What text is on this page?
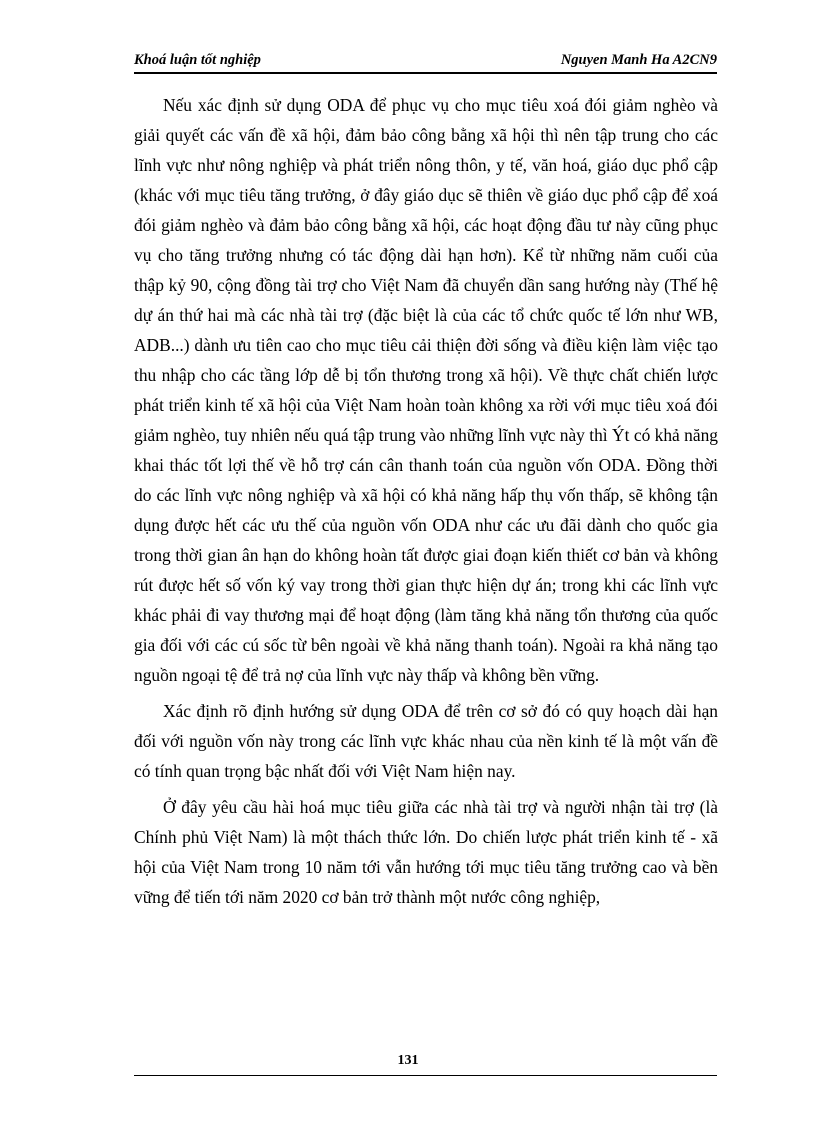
Khoá luận tốt nghiệp	Nguyen Manh Ha A2CN9

Nếu xác định sử dụng ODA để phục vụ cho mục tiêu xoá đói giảm nghèo và giải quyết các vấn đề xã hội, đảm bảo công bằng xã hội thì nên tập trung cho các lĩnh vực như nông nghiệp và phát triển nông thôn, y tế, văn hoá, giáo dục phổ cập (khác với mục tiêu tăng trưởng, ở đây giáo dục sẽ thiên về giáo dục phổ cập để xoá đói giảm nghèo và đảm bảo công bằng xã hội, các hoạt động đầu tư này cũng phục vụ cho tăng trưởng nhưng có tác động dài hạn hơn). Kể từ những năm cuối của thập kỷ 90, cộng đồng tài trợ cho Việt Nam đã chuyển dần sang hướng này (Thế hệ dự án thứ hai mà các nhà tài trợ (đặc biệt là của các tổ chức quốc tế lớn như WB, ADB...) dành ưu tiên cao cho mục tiêu cải thiện đời sống và điều kiện làm việc tạo thu nhập cho các tầng lớp dễ bị tổn thương trong xã hội). Về thực chất chiến lược phát triển kinh tế xã hội của Việt Nam hoàn toàn không xa rời với mục tiêu xoá đói giảm nghèo, tuy nhiên nếu quá tập trung vào những lĩnh vực này thì Ýt có khả năng khai thác tốt lợi thế về hỗ trợ cán cân thanh toán của nguồn vốn ODA. Đồng thời do các lĩnh vực nông nghiệp và xã hội có khả năng hấp thụ vốn thấp, sẽ không tận dụng được hết các ưu thế của nguồn vốn ODA như các ưu đãi dành cho quốc gia trong thời gian ân hạn do không hoàn tất được giai đoạn kiến thiết cơ bản và không rút được hết số vốn ký vay trong thời gian thực hiện dự án; trong khi các lĩnh vực khác phải đi vay thương mại để hoạt động (làm tăng khả năng tổn thương của quốc gia đối với các cú sốc từ bên ngoài về khả năng thanh toán). Ngoài ra khả năng tạo nguồn ngoại tệ để trả nợ của lĩnh vực này thấp và không bền vững.

Xác định rõ định hướng sử dụng ODA để trên cơ sở đó có quy hoạch dài hạn đối với nguồn vốn này trong các lĩnh vực khác nhau của nền kinh tế là một vấn đề có tính quan trọng bậc nhất đối với Việt Nam hiện nay.

Ở đây yêu cầu hài hoá mục tiêu giữa các nhà tài trợ và người nhận tài trợ (là Chính phủ Việt Nam) là một thách thức lớn. Do chiến lược phát triển kinh tế - xã hội của Việt Nam trong 10 năm tới vẫn hướng tới mục tiêu tăng trưởng cao và bền vững để tiến tới năm 2020 cơ bản trở thành một nước công nghiệp,

131
